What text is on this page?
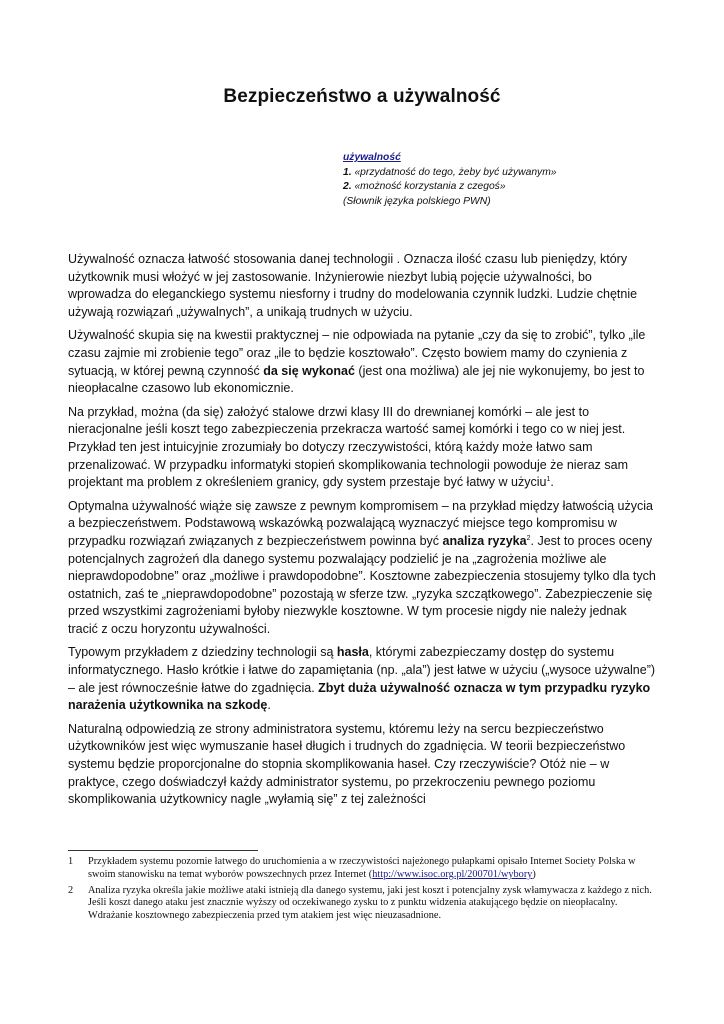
Bezpieczeństwo a używalność
używalność
1. «przydatność do tego, żeby być używanym»
2. «możność korzystania z czegoś»
(Słownik języka polskiego PWN)

Używalność oznacza łatwość stosowania danej technologii . Oznacza ilość czasu lub pieniędzy, który użytkownik musi włożyć w jej zastosowanie. Inżynierowie niezbyt lubią pojęcie używalności, bo wprowadza do eleganckiego systemu niesforny i trudny do modelowania czynnik ludzki. Ludzie chętnie używają rozwiązań „używalnych”, a unikają trudnych w użyciu.

Używalność skupia się na kwestii praktycznej – nie odpowiada na pytanie „czy da się to zrobić”, tylko „ile czasu zajmie mi zrobienie tego” oraz „ile to będzie kosztowało”. Często bowiem mamy do czynienia z sytuacją, w której pewną czynność da się wykonać (jest ona możliwa) ale jej nie wykonujemy, bo jest to nieopłacalne czasowo lub ekonomicznie.

Na przykład, można (da się) założyć stalowe drzwi klasy III do drewnianej komórki – ale jest to nieracjonalne jeśli koszt tego zabezpieczenia przekracza wartość samej komórki i tego co w niej jest. Przykład ten jest intuicyjnie zrozumiały bo dotyczy rzeczywistości, którą każdy może łatwo sam przenalizować. W przypadku informatyki stopień skomplikowania technologii powoduje że nieraz sam projektant ma problem z określeniem granicy, gdy system przestaje być łatwy w użyciu$^1$.

Optymalna używalność wiąże się zawsze z pewnym kompromisem – na przykład między łatwością użycia a bezpieczeństwem. Podstawową wskazówką pozwalającą wyznaczyć miejsce tego kompromisu w przypadku rozwiązań związanych z bezpieczeństwem powinna być analiza ryzyka$^2$. Jest to proces oceny potencjalnych zagrożeń dla danego systemu pozwalający podzielić je na „zagrożenia możliwe ale nieprawdopodobne” oraz „możliwe i prawdopodobne”. Kosztowne zabezpieczenia stosujemy tylko dla tych ostatnich, zaś te „nieprawdopodobne” pozostają w sferze tzw. „ryzyka szczątkowego”. Zabezpieczenie się przed wszystkimi zagrożeniami byłoby niezwykle kosztowne. W tym procesie nigdy nie należy jednak tracić z oczu horyzontu używalności.

Typowym przykładem z dziedziny technologii są hasła, którymi zabezpieczamy dostęp do systemu informatycznego. Hasło krótkie i łatwe do zapamiętania (np. „ala”) jest łatwe w użyciu („wysoce używalne”) – ale jest równocześnie łatwe do zgadnięcia. Zbyt duża używalność oznacza w tym przypadku ryzyko narażenia użytkownika na szkodę.

Naturalną odpowiedzią ze strony administratora systemu, któremu leży na sercu bezpieczeństwo użytkowników jest więc wymuszanie haseł długich i trudnych do zgadnięcia. W teorii bezpieczeństwo systemu będzie proporcjonalne do stopnia skomplikowania haseł. Czy rzeczywiście? Otóż nie – w praktyce, czego doświadczył każdy administrator systemu, po przekroczeniu pewnego poziomu skomplikowania użytkownicy nagle „wyłamią się” z tej zależności

1	Przykładem systemu pozornie łatwego do uruchomienia a w rzeczywistości najeżonego pułapkami opisało Internet Society Polska w swoim stanowisku na temat wyborów powszechnych przez Internet (http://www.isoc.org.pl/200701/wybory)
2	Analiza ryzyka określa jakie możliwe ataki istnieją dla danego systemu, jaki jest koszt i potencjalny zysk włamywacza z każdego z nich. Jeśli koszt danego ataku jest znacznie wyższy od oczekiwanego zysku to z punktu widzenia atakującego będzie on nieopłacalny. Wdrażanie kosztownego zabezpieczenia przed tym atakiem jest więc nieuzasadnione.
